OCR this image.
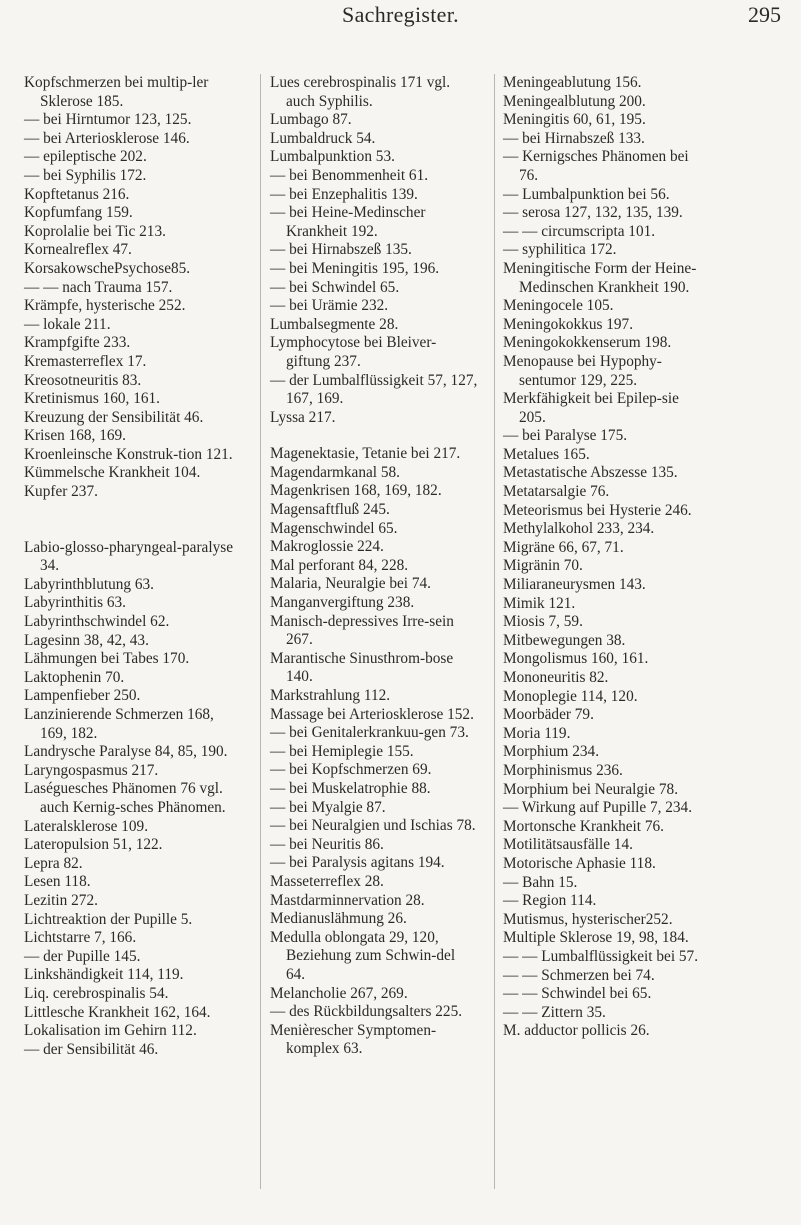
Sachregister.	295
Kopfschmerzen bei multip-ler Sklerose 185.
— bei Hirntumor 123, 125.
— bei Arteriosklerose 146.
— epileptische 202.
— bei Syphilis 172.
Kopftetanus 216.
Kopfumfang 159.
Koprolalie bei Tic 213.
Kornealreflex 47.
KorsakowschePsychose85.
— — nach Trauma 157.
Krämpfe, hysterische 252.
— lokale 211.
Krampfgifte 233.
Kremasterreflex 17.
Kreosotneuritis 83.
Kretinismus 160, 161.
Kreuzung der Sensibilität 46.
Krisen 168, 169.
Kroenleinsche Konstruk-tion 121.
Kümmelsche Krankheit 104.
Kupfer 237.
Labio-glosso-pharyngeal-paralyse 34.
Labyrinthblutung 63.
Labyrinthitis 63.
Labyrinthschwindel 62.
Lagesinn 38, 42, 43.
Lähmungen bei Tabes 170.
Laktophenin 70.
Lampenfieber 250.
Lanzinierende Schmerzen 168, 169, 182.
Landrysche Paralyse 84, 85, 190.
Laryngospasmus 217.
Laséguesches Phänomen 76 vgl. auch Kernig-sches Phänomen.
Lateralsklerose 109.
Lateropulsion 51, 122.
Lepra 82.
Lesen 118.
Lezitin 272.
Lichtreaktion der Pupille 5.
Lichtstarre 7, 166.
— der Pupille 145.
Linkshändigkeit 114, 119.
Liq. cerebrospinalis 54.
Littlesche Krankheit 162, 164.
Lokalisation im Gehirn 112.
— der Sensibilität 46.
Lues cerebrospinalis 171 vgl. auch Syphilis.
Lumbago 87.
Lumbaldruck 54.
Lumbalpunktion 53.
— bei Benommenheit 61.
— bei Enzephalitis 139.
— bei Heine-Medinscher Krankheit 192.
— bei Hirnabszeß 135.
— bei Meningitis 195, 196.
— bei Schwindel 65.
— bei Urämie 232.
Lumbalsegmente 28.
Lymphocytose bei Bleiver-giftung 237.
— der Lumbalflüssigkeit 57, 127, 167, 169.
Lyssa 217.
Magenektasie, Tetanie bei 217.
Magendarmkanal 58.
Magenkrisen 168, 169, 182.
Magensaftfluß 245.
Magenschwindel 65.
Makroglossie 224.
Mal perforant 84, 228.
Malaria, Neuralgie bei 74.
Manganvergiftung 238.
Manisch-depressives Irre-sein 267.
Marantische Sinusthrom-bose 140.
Markstrahlung 112.
Massage bei Arteriosklerose 152.
— bei Genitalerkrankuu-gen 73.
— bei Hemiplegie 155.
— bei Kopfschmerzen 69.
— bei Muskelatrophie 88.
— bei Myalgie 87.
— bei Neuralgien und Ischias 78.
— bei Neuritis 86.
— bei Paralysis agitans 194.
Masseterreflex 28.
Mastdarminnervation 28.
Medianuslähmung 26.
Medulla oblongata 29, 120, Beziehung zum Schwin-del 64.
Melancholie 267, 269.
— des Rückbildungsalters 225.
Menièrescher Symptomen-komplex 63.
Meningeablutung 156.
Meningealblutung 200.
Meningitis 60, 61, 195.
— bei Hirnabszeß 133.
— Kernigsches Phänomen bei 76.
— Lumbalpunktion bei 56.
— serosa 127, 132, 135, 139.
— — circumscripta 101.
— syphilitica 172.
Meningitische Form der Heine-Medinschen Krankheit 190.
Meningocele 105.
Meningokokkus 197.
Meningokokkenserum 198.
Menopause bei Hypophy-sentumor 129, 225.
Merkfähigkeit bei Epilep-sie 205.
— bei Paralyse 175.
Metalues 165.
Metastatische Abszesse 135.
Metatarsalgie 76.
Meteorismus bei Hysterie 246.
Methylalkohol 233, 234.
Migräne 66, 67, 71.
Migränin 70.
Miliaraneurysmen 143.
Mimik 121.
Miosis 7, 59.
Mitbewegungen 38.
Mongolismus 160, 161.
Mononeuritis 82.
Monoplegie 114, 120.
Moorbäder 79.
Moria 119.
Morphium 234.
Morphinismus 236.
Morphium bei Neuralgie 78.
— Wirkung auf Pupille 7, 234.
Mortonsche Krankheit 76.
Motilitätsausfälle 14.
Motorische Aphasie 118.
— Bahn 15.
— Region 114.
Mutismus, hysterischer252.
Multiple Sklerose 19, 98, 184.
— — Lumbalflüssigkeit bei 57.
— — Schmerzen bei 74.
— — Schwindel bei 65.
— — Zittern 35.
M. adductor pollicis 26.
